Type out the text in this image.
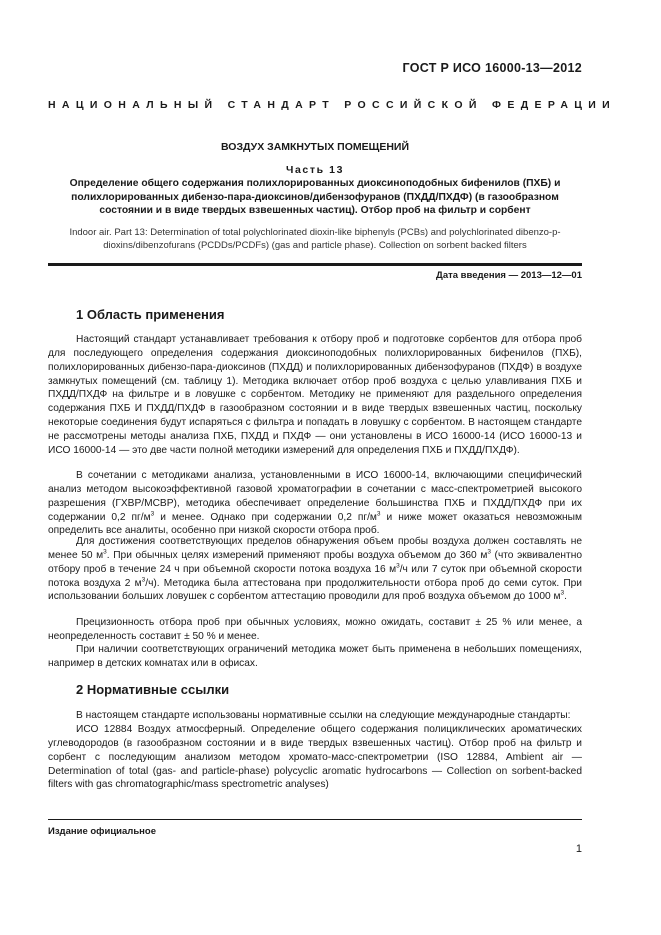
ГОСТ Р ИСО 16000-13—2012
НАЦИОНАЛЬНЫЙ СТАНДАРТ РОССИЙСКОЙ ФЕДЕРАЦИИ
ВОЗДУХ ЗАМКНУТЫХ ПОМЕЩЕНИЙ
Часть 13
Определение общего содержания полихлорированных диоксиноподобных бифенилов (ПХБ) и полихлорированных дибензо-пара-диоксинов/дибензофуранов (ПХДД/ПХДФ) (в газообразном состоянии и в виде твердых взвешенных частиц). Отбор проб на фильтр и сорбент
Indoor air. Part 13: Determination of total polychlorinated dioxin-like biphenyls (PCBs) and polychlorinated dibenzo-p-dioxins/dibenzofurans (PCDDs/PCDFs) (gas and particle phase). Collection on sorbent backed filters
Дата введения — 2013—12—01
1 Область применения
Настоящий стандарт устанавливает требования к отбору проб и подготовке сорбентов для отбора проб для последующего определения содержания диоксиноподобных полихлорированных бифенилов (ПХБ), полихлорированных дибензо-пара-диоксинов (ПХДД) и полихлорированных дибензофуранов (ПХДФ) в воздухе замкнутых помещений (см. таблицу 1). Методика включает отбор проб воздуха с целью улавливания ПХБ и ПХДД/ПХДФ на фильтре и в ловушке с сорбентом. Методику не применяют для раздельного определения содержания ПХБ И ПХДД/ПХДФ в газообразном состоянии и в виде твердых взвешенных частиц, поскольку некоторые соединения будут испаряться с фильтра и попадать в ловушку с сорбентом. В настоящем стандарте не рассмотрены методы анализа ПХБ, ПХДД и ПХДФ — они установлены в ИСО 16000-14 (ИСО 16000-13 и ИСО 16000-14 — это две части полной методики измерений для определения ПХБ и ПХДД/ПХДФ).
В сочетании с методиками анализа, установленными в ИСО 16000-14, включающими специфический анализ методом высокоэффективной газовой хроматографии в сочетании с масс-спектрометрией высокого разрешения (ГХВР/МСВР), методика обеспечивает определение большинства ПХБ и ПХДД/ПХДФ при их содержании 0,2 $пг/м^3$ и менее. Однако при содержании 0,2 $пг/м^3$ и ниже может оказаться невозможным определить все аналиты, особенно при низкой скорости отбора проб.
Для достижения соответствующих пределов обнаружения объем пробы воздуха должен составлять не менее 50 $м^3$. При обычных целях измерений применяют пробы воздуха объемом до 360 $м^3$ (что эквивалентно отбору проб в течение 24 ч при объемной скорости потока воздуха 16 $м^3/ч$ или 7 суток при объемной скорости потока воздуха 2 $м^3/ч$). Методика была аттестована при продолжительности отбора проб до семи суток. При использовании больших ловушек с сорбентом аттестацию проводили для проб воздуха объемом до 1000 $м^3$.
Прецизионность отбора проб при обычных условиях, можно ожидать, составит ± 25 % или менее, а неопределенность составит ± 50 % и менее.
При наличии соответствующих ограничений методика может быть применена в небольших помещениях, например в детских комнатах или в офисах.
2 Нормативные ссылки
В настоящем стандарте использованы нормативные ссылки на следующие международные стандарты:
ИСО 12884 Воздух атмосферный. Определение общего содержания полициклических ароматических углеводородов (в газообразном состоянии и в виде твердых взвешенных частиц). Отбор проб на фильтр и сорбент с последующим анализом методом хромато-масс-спектрометрии (ISO 12884, Ambient air — Determination of total (gas- and particle-phase) polycyclic aromatic hydrocarbons — Collection on sorbent-backed filters with gas chromatographic/mass spectrometric analyses)
Издание официальное
1
